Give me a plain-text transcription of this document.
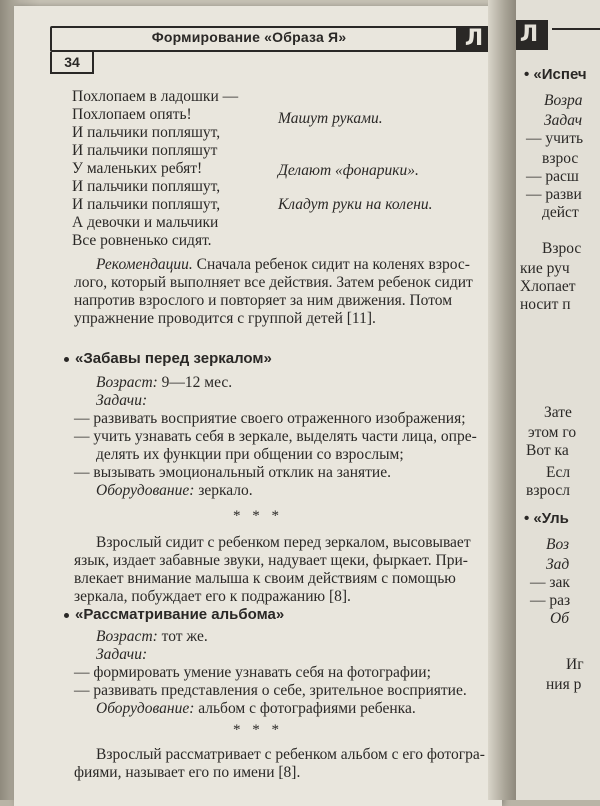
Формирование «Образа Я»	Л
34
Похлопаем в ладошки —
Похлопаем опять!	Машут руками.
И пальчики попляшут,
И пальчики попляшут
У маленьких ребят!
И пальчики попляшут,
Делают «фонарики».
И пальчики попляшут,
А девочки и мальчики
Кладут руки на колени.
Все ровненько сидят.
Рекомендации. Сначала ребенок сидит на коленях взрос-
лого, который выполняет все действия. Затем ребенок сидит
напротив взрослого и повторяет за ним движения. Потом
упражнение проводится с группой детей [11].
«Забавы перед зеркалом»
Возраст: 9—12 мес.
Задачи:
— развивать восприятие своего отраженного изображения;
— учить узнавать себя в зеркале, выделять части лица, опре-
делять их функции при общении со взрослым;
— вызывать эмоциональный отклик на занятие.
Оборудование: зеркало.
* * *
Взрослый сидит с ребенком перед зеркалом, высовывает
язык, издает забавные звуки, надувает щеки, фыркает. При-
влекает внимание малыша к своим действиям с помощью
зеркала, побуждает его к подражанию [8].
«Рассматривание альбома»
Возраст: тот же.
Задачи:
— формировать умение узнавать себя на фотографии;
— развивать представления о себе, зрительное восприятие.
Оборудование: альбом с фотографиями ребенка.
* * *
Взрослый рассматривает с ребенком альбом с его фотогра-
фиями, называет его по имени [8].
Л
• «Испеч
Возра
Задач
— учить
взрос
— расш
— разви
дейст
Взрос
кие руч
Хлопает
носит п
Зате
этом го
Вот ка
Есл
взросл
• «Уль
Воз
Зад
— зак
— раз
Об
Иг
ния р
